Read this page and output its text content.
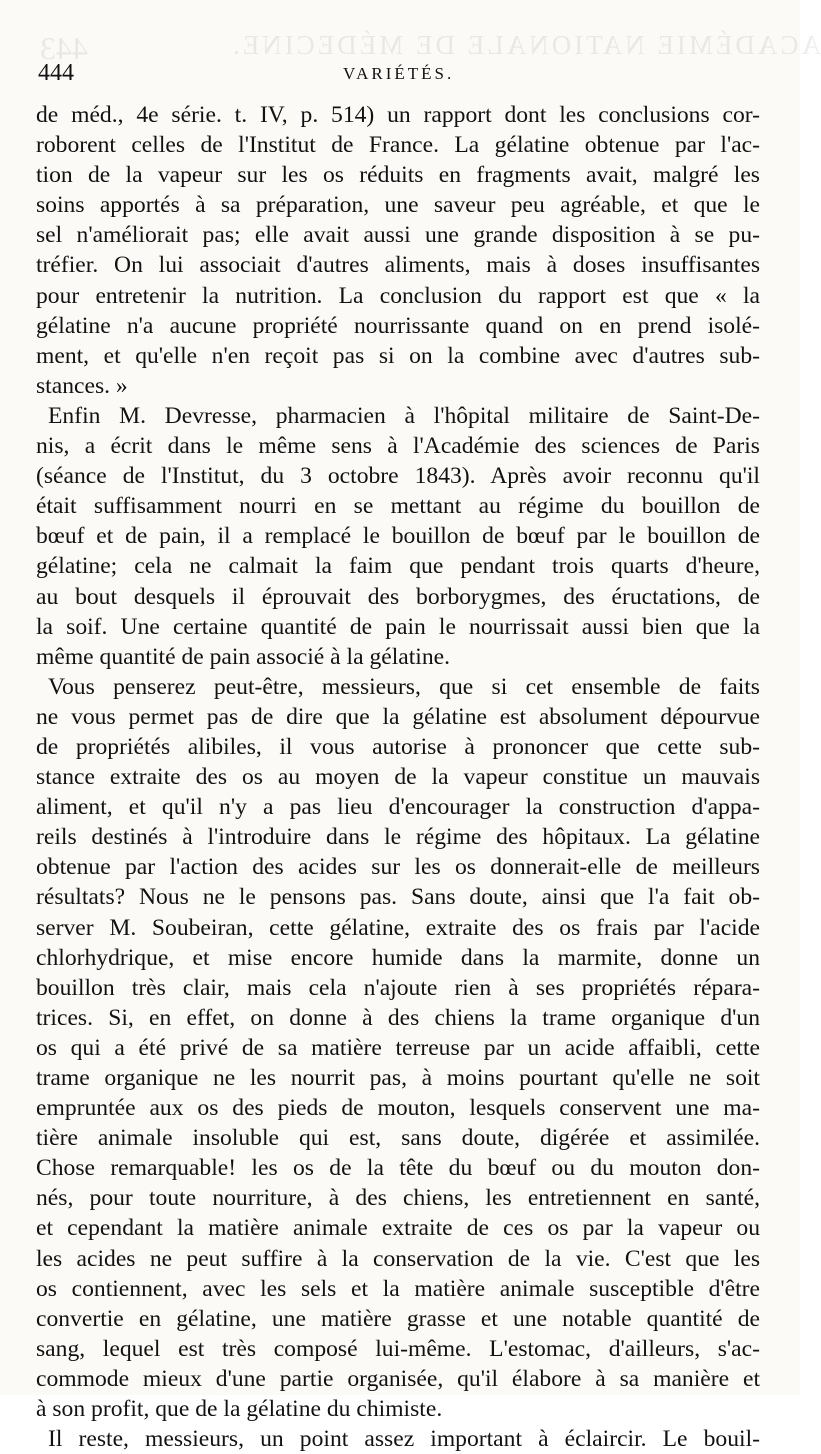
443	ACADÉMIE NATIONALE DE MÉDECINE.
444	VARIÉTÉS.
de méd., 4e série. t. IV, p. 514) un rapport dont les conclusions cor-
roborent celles de l'Institut de France. La gélatine obtenue par l'ac-
tion de la vapeur sur les os réduits en fragments avait, malgré les
soins apportés à sa préparation, une saveur peu agréable, et que le
sel n'améliorait pas; elle avait aussi une grande disposition à se pu-
tréfier. On lui associait d'autres aliments, mais à doses insuffisantes
pour entretenir la nutrition. La conclusion du rapport est que « la
gélatine n'a aucune propriété nourrissante quand on en prend isolé-
ment, et qu'elle n'en reçoit pas si on la combine avec d'autres sub-
stances. »
Enfin M. Devresse, pharmacien à l'hôpital militaire de Saint-De-
nis, a écrit dans le même sens à l'Académie des sciences de Paris
(séance de l'Institut, du 3 octobre 1843). Après avoir reconnu qu'il
était suffisamment nourri en se mettant au régime du bouillon de
bœuf et de pain, il a remplacé le bouillon de bœuf par le bouillon de
gélatine; cela ne calmait la faim que pendant trois quarts d'heure,
au bout desquels il éprouvait des borborygmes, des éructations, de
la soif. Une certaine quantité de pain le nourrissait aussi bien que la
même quantité de pain associé à la gélatine.
Vous penserez peut-être, messieurs, que si cet ensemble de faits
ne vous permet pas de dire que la gélatine est absolument dépourvue
de propriétés alibiles, il vous autorise à prononcer que cette sub-
stance extraite des os au moyen de la vapeur constitue un mauvais
aliment, et qu'il n'y a pas lieu d'encourager la construction d'appa-
reils destinés à l'introduire dans le régime des hôpitaux. La gélatine
obtenue par l'action des acides sur les os donnerait-elle de meilleurs
résultats? Nous ne le pensons pas. Sans doute, ainsi que l'a fait ob-
server M. Soubeiran, cette gélatine, extraite des os frais par l'acide
chlorhydrique, et mise encore humide dans la marmite, donne un
bouillon très clair, mais cela n'ajoute rien à ses propriétés répara-
trices. Si, en effet, on donne à des chiens la trame organique d'un
os qui a été privé de sa matière terreuse par un acide affaibli, cette
trame organique ne les nourrit pas, à moins pourtant qu'elle ne soit
empruntée aux os des pieds de mouton, lesquels conservent une ma-
tière animale insoluble qui est, sans doute, digérée et assimilée.
Chose remarquable! les os de la tête du bœuf ou du mouton don-
nés, pour toute nourriture, à des chiens, les entretiennent en santé,
et cependant la matière animale extraite de ces os par la vapeur ou
les acides ne peut suffire à la conservation de la vie. C'est que les
os contiennent, avec les sels et la matière animale susceptible d'être
convertie en gélatine, une matière grasse et une notable quantité de
sang, lequel est très composé lui-même. L'estomac, d'ailleurs, s'ac-
commode mieux d'une partie organisée, qu'il élabore à sa manière et
à son profit, que de la gélatine du chimiste.
Il reste, messieurs, un point assez important à éclaircir. Le bouil-
